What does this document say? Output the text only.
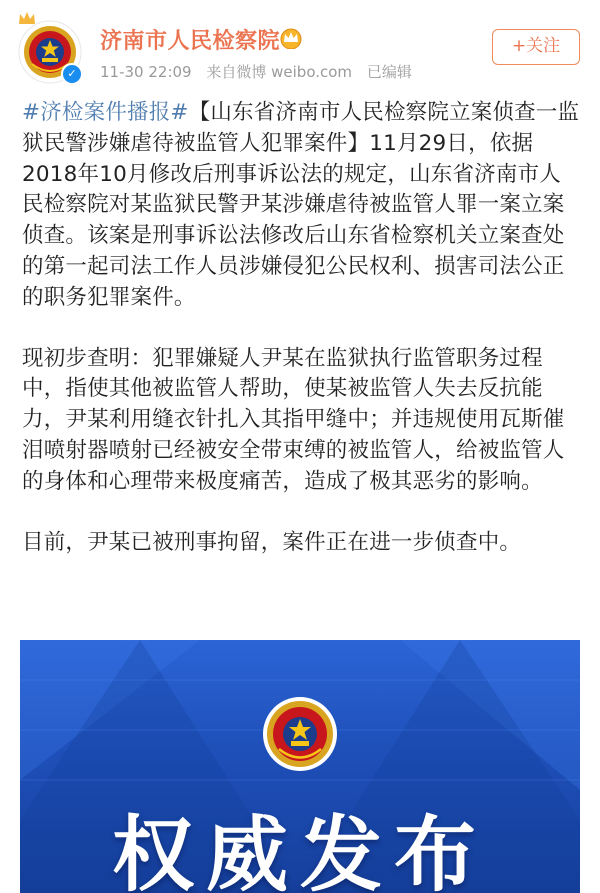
✓
济南市人民检察院
11-30 22:09 来自微博 weibo.com 已编辑
+关注

#济检案件播报#【山东省济南市人民检察院立案侦查一监狱民警涉嫌虐待被监管人犯罪案件】11月29日，依据2018年10月修改后刑事诉讼法的规定，山东省济南市人民检察院对某监狱民警尹某涉嫌虐待被监管人罪一案立案侦查。该案是刑事诉讼法修改后山东省检察机关立案查处的第一起司法工作人员涉嫌侵犯公民权利、损害司法公正的职务犯罪案件。

现初步查明：犯罪嫌疑人尹某在监狱执行监管职务过程中，指使其他被监管人帮助，使某被监管人失去反抗能力，尹某利用缝衣针扎入其指甲缝中；并违规使用瓦斯催泪喷射器喷射已经被安全带束缚的被监管人，给被监管人的身体和心理带来极度痛苦，造成了极其恶劣的影响。

目前，尹某已被刑事拘留，案件正在进一步侦查中。

权威发布
